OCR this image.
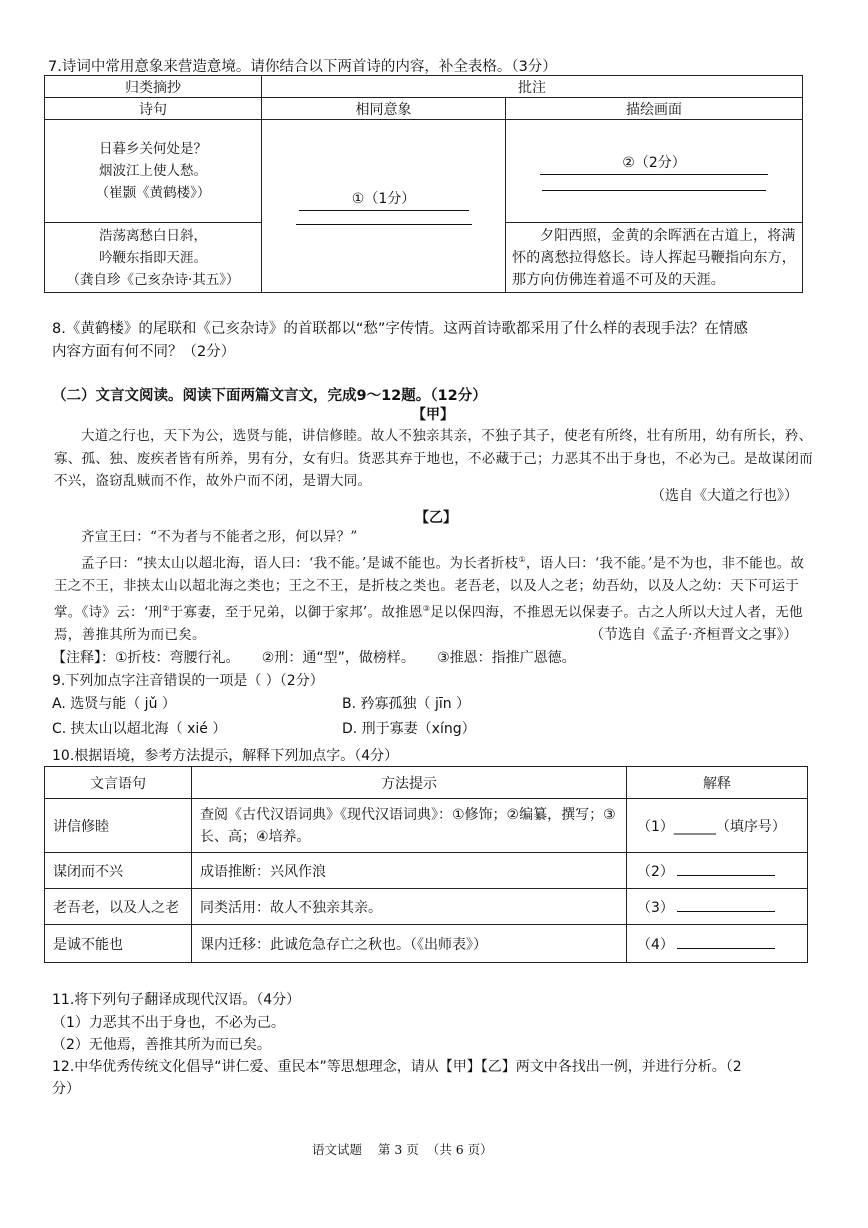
7.诗词中常用意象来营造意境。请你结合以下两首诗的内容，补全表格。（3分）
归类摘抄	批注	
诗句	相同意象	描绘画面

日暮乡关何处是？
烟波江上使人愁。
（崔颢《黄鹤楼》）	①（1分）	②（2分）

浩荡离愁白日斜，
吟鞭东指即天涯。
（龚自珍《己亥杂诗·其五》）		夕阳西照，金黄的余晖洒在古道上，将满怀的离愁拉得悠长。诗人挥起马鞭指向东方，那方向仿佛连着遥不可及的天涯。
8.《黄鹤楼》的尾联和《己亥杂诗》的首联都以“愁”字传情。这两首诗歌都采用了什么样的表现手法？在情感
内容方面有何不同？（2分）
（二）文言文阅读。阅读下面两篇文言文，完成9～12题。（12分）
【甲】
大道之行也，天下为公，选贤与能，讲信修睦。故人不独亲其亲，不独子其子，使老有所终，壮有所用，幼有所长，矜、寡、孤、独、废疾者皆有所养，男有分，女有归。货恶其弃于地也，不必藏于己；力恶其不出于身也，不必为己。是故谋闭而不兴，盗窃乱贼而不作，故外户而不闭，是谓大同。
（选自《大道之行也》）
【乙】
齐宣王曰：“不为者与不能者之形，何以异？”
孟子曰：“挟太山以超北海，语人曰：‘我不能。’是诚不能也。为长者折枝①，语人曰：‘我不能。’是不为也，非不能也。故王之不王，非挟太山以超北海之类也；王之不王，是折枝之类也。老吾老，以及人之老；幼吾幼，以及人之幼：天下可运于掌。《诗》云：‘刑②于寡妻，至于兄弟，以御于家邦’。故推恩③足以保四海，不推恩无以保妻子。古之人所以大过人者，无他焉，善推其所为而已矣。	（节选自《孟子·齐桓晋文之事》）
【注释】：①折枝：弯腰行礼。     ②刑：通“型”，做榜样。     ③推恩：指推广恩德。
9.下列加点字注音错误的一项是（ ）（2分）
A. 选贤与能（ jǔ ）	B. 矜寡孤独（ jīn ）
C. 挟太山以超北海（ xié ）	D. 刑于寡妻（xíng）
10.根据语境，参考方法提示，解释下列加点字。（4分）
文言语句	方法提示	解释
讲信修睦	查阅《古代汉语词典》《现代汉语词典》：①修饰；②编纂，撰写；③长、高；④培养。	（1）______（填序号）
谋闭而不兴	成语推断：兴风作浪	（2）
老吾老，以及人之老	同类活用：故人不独亲其亲。	（3）
是诚不能也	课内迁移：此诚危急存亡之秋也。（《出师表》）	（4）
11.将下列句子翻译成现代汉语。（4分）
（1）力恶其不出于身也，不必为己。
（2）无他焉，善推其所为而已矣。
12.中华优秀传统文化倡导“讲仁爱、重民本”等思想理念，请从【甲】【乙】两文中各找出一例，并进行分析。（2
分）
语文试题    第 3 页  （共 6 页）
